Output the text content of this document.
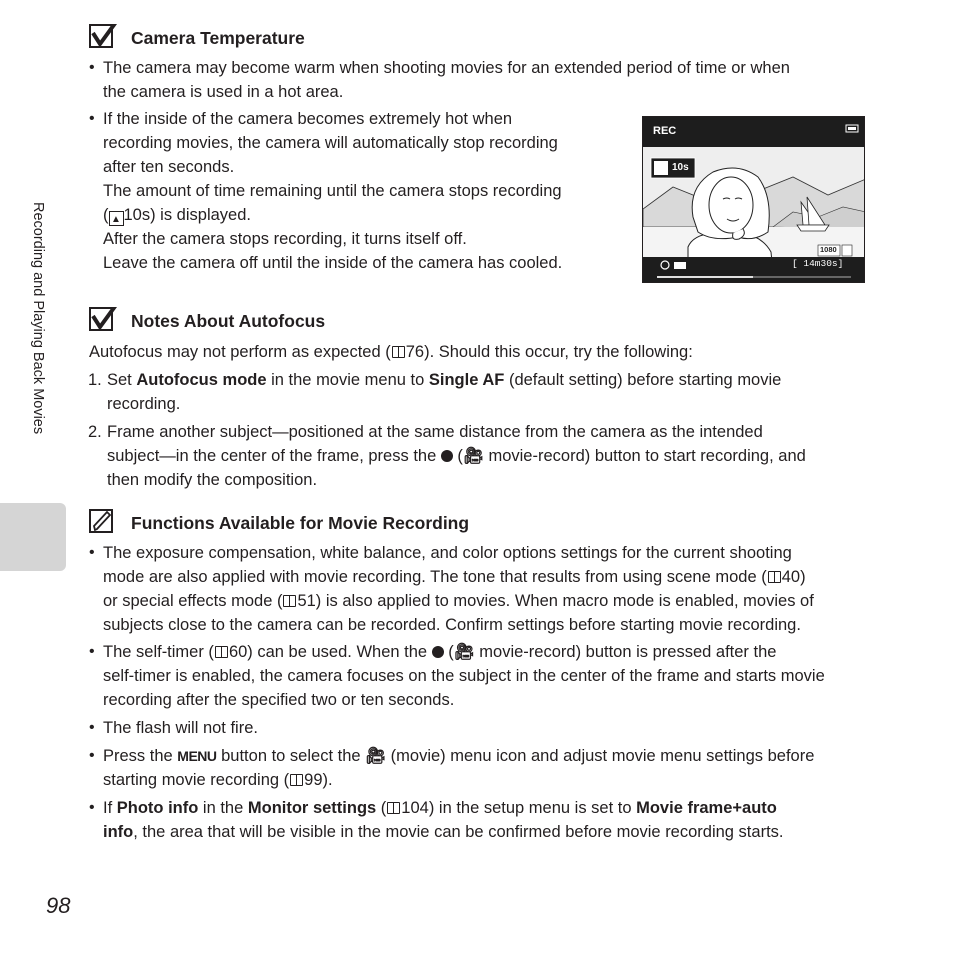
Recording and Playing Back Movies
98
Camera Temperature
• The camera may become warm when shooting movies for an extended period of time or when
the camera is used in a hot area.
• If the inside of the camera becomes extremely hot when
recording movies, the camera will automatically stop recording
after ten seconds.
The amount of time remaining until the camera stops recording
( ▲ 10s) is displayed.
After the camera stops recording, it turns itself off.
Leave the camera off until the inside of the camera has cooled.
REC
10s
1080
[ 14m30s]
Notes About Autofocus
Autofocus may not perform as expected ( 76). Should this occur, try the following:
1. Set Autofocus mode in the movie menu to Single AF (default setting) before starting movie
recording.
2. Frame another subject—positioned at the same distance from the camera as the intended
subject—in the center of the frame, press the  (🎥︎ movie-record) button to start recording, and
then modify the composition.
Functions Available for Movie Recording
• The exposure compensation, white balance, and color options settings for the current shooting
mode are also applied with movie recording. The tone that results from using scene mode ( 40)
or special effects mode ( 51) is also applied to movies. When macro mode is enabled, movies of
subjects close to the camera can be recorded. Confirm settings before starting movie recording.
• The self-timer ( 60) can be used. When the  (🎥︎ movie-record) button is pressed after the
self-timer is enabled, the camera focuses on the subject in the center of the frame and starts movie
recording after the specified two or ten seconds.
• The flash will not fire.
• Press the MENU button to select the 🎥︎ (movie) menu icon and adjust movie menu settings before
starting movie recording ( 99).
• If Photo info in the Monitor settings ( 104) in the setup menu is set to Movie frame+auto
info, the area that will be visible in the movie can be confirmed before movie recording starts.
